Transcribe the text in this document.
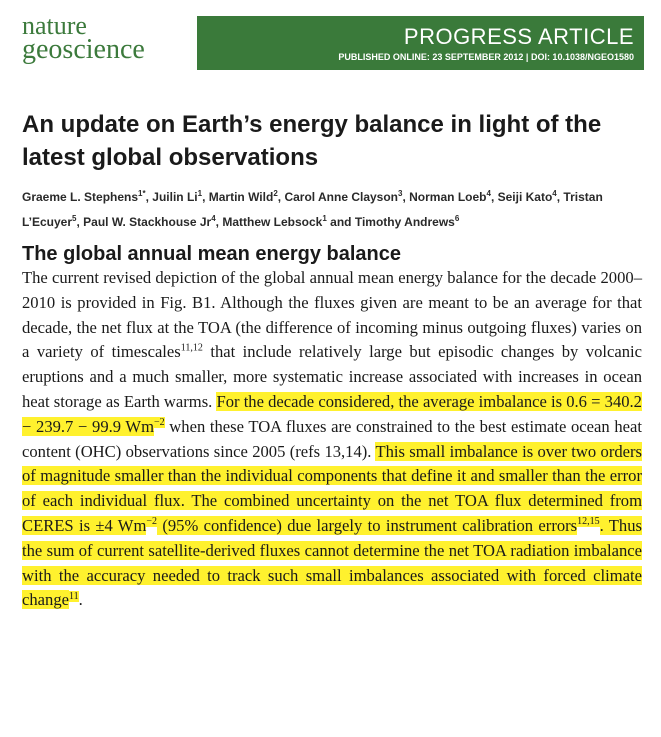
nature
geoscience	PROGRESS ARTICLE
PUBLISHED ONLINE: 23 SEPTEMBER 2012 | DOI: 10.1038/NGEO1580
An update on Earth’s energy balance in light of the latest global observations
Graeme L. Stephens$^{1*}$, Juilin Li$^1$, Martin Wild$^2$, Carol Anne Clayson$^3$, Norman Loeb$^4$, Seiji Kato$^4$, Tristan L’Ecuyer$^5$, Paul W. Stackhouse Jr$^4$, Matthew Lebsock$^1$ and Timothy Andrews$^6$
The global annual mean energy balance
The current revised depiction of the global annual mean energy balance for the decade 2000–2010 is provided in Fig. B1. Although the fluxes given are meant to be an average for that decade, the net flux at the TOA (the difference of incoming minus outgoing fluxes) varies on a variety of timescales$^{11,12}$ that include relatively large but episodic changes by volcanic eruptions and a much smaller, more systematic increase associated with increases in ocean heat storage as Earth warms. For the decade considered, the average imbalance is 0.6 = 340.2 − 239.7 − 99.9 $Wm^{-2}$ when these TOA fluxes are constrained to the best estimate ocean heat content (OHC) observations since 2005 (refs 13,14). This small imbalance is over two orders of magnitude smaller than the individual components that define it and smaller than the error of each individual flux. The combined uncertainty on the net TOA flux determined from CERES is ±4 $Wm^{-2}$ (95% confidence) due largely to instrument calibration errors$^{12,15}$. Thus the sum of current satellite-derived fluxes cannot determine the net TOA radiation imbalance with the accuracy needed to track such small imbalances associated with forced climate change$^{11}$.
